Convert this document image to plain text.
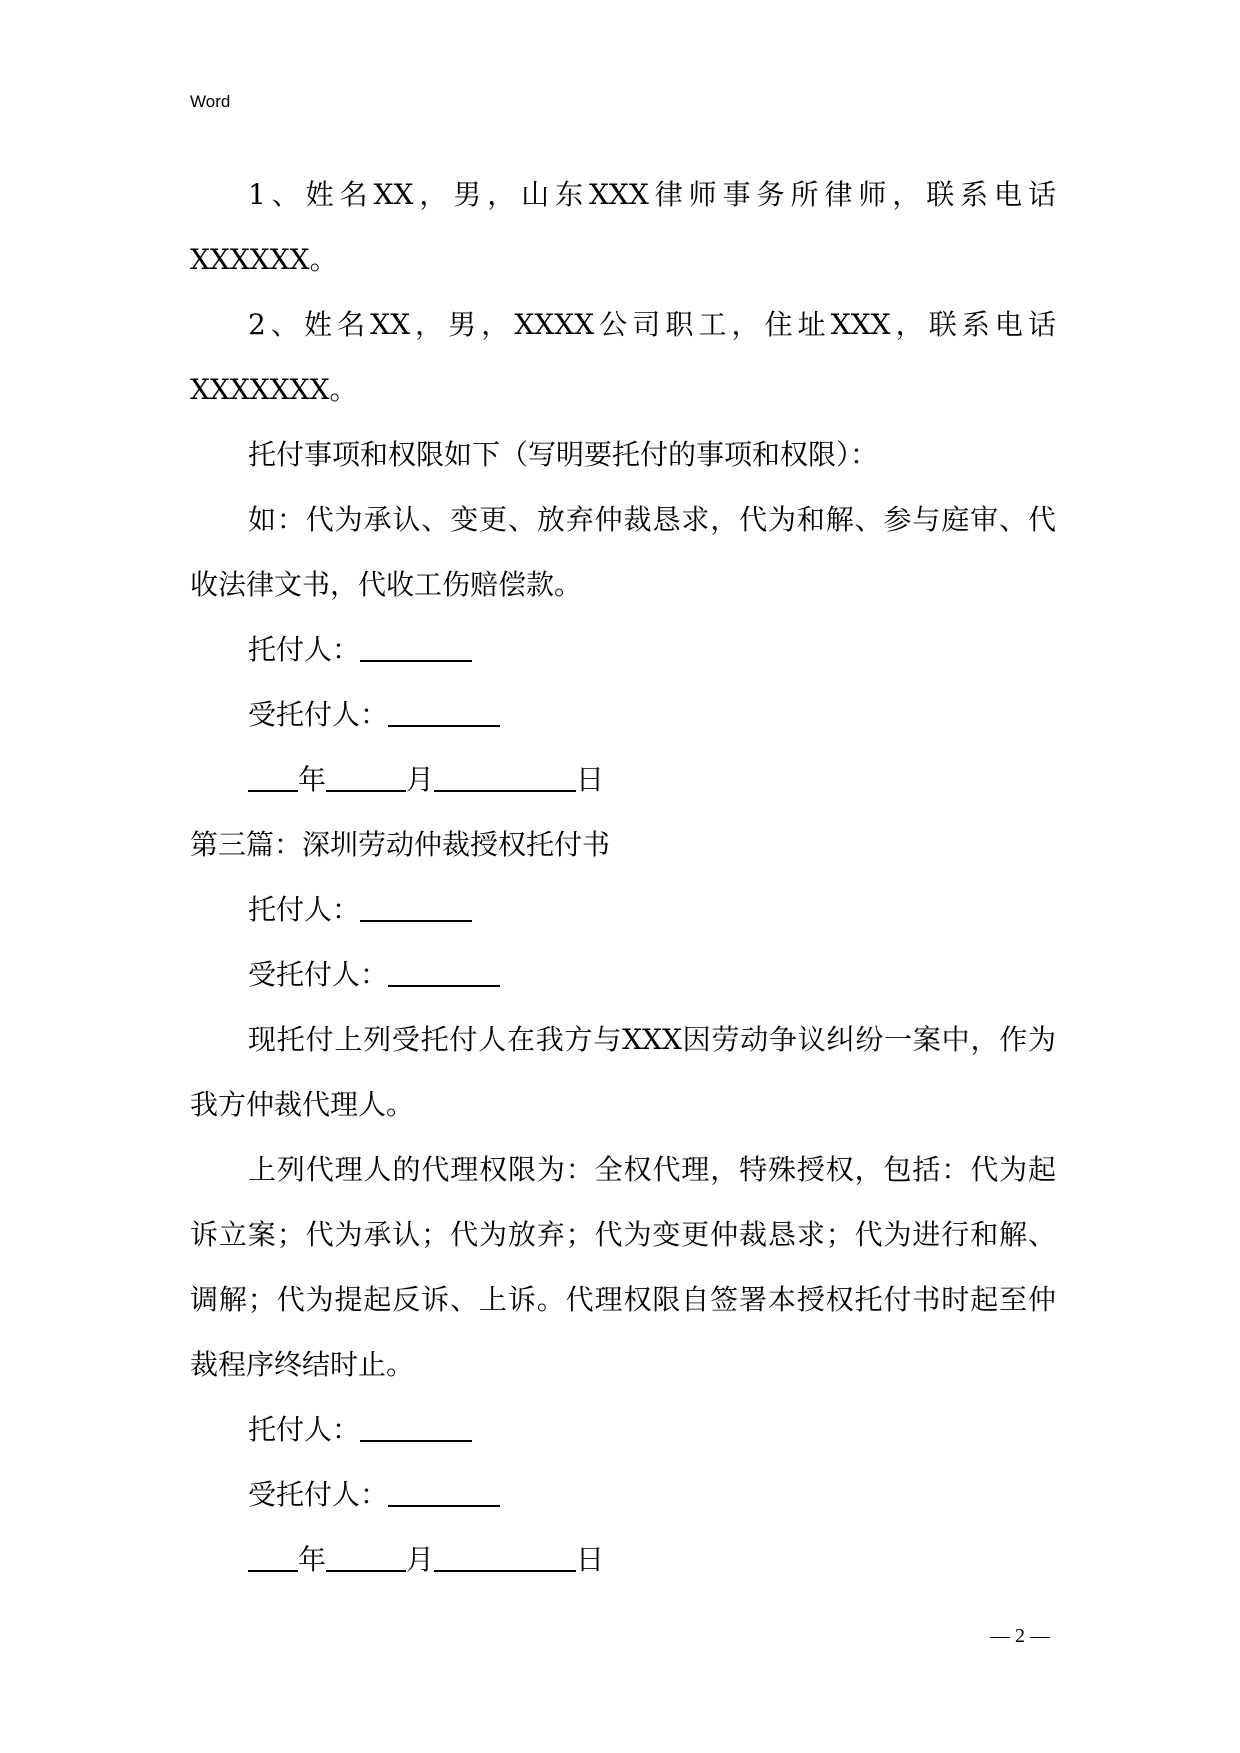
Word

1、姓名XX，男，山东XXX律师事务所律师，联系电话

XXXXXX。

2、姓名XX，男，XXXX公司职工，住址XXX，联系电话

XXXXXXX。

托付事项和权限如下（写明要托付的事项和权限）：

如：代为承认、变更、放弃仲裁恳求，代为和解、参与庭审、代收法律文书，代收工伤赔偿款。

托付人：

受托付人：

年	月	日

第三篇：深圳劳动仲裁授权托付书

托付人：

受托付人：

现托付上列受托付人在我方与XXX因劳动争议纠纷一案中，作为我方仲裁代理人。

上列代理人的代理权限为：全权代理，特殊授权，包括：代为起诉立案；代为承认；代为放弃；代为变更仲裁恳求；代为进行和解、调解；代为提起反诉、上诉。代理权限自签署本授权托付书时起至仲裁程序终结时止。

托付人：

受托付人：

年	月	日

— 2 —
